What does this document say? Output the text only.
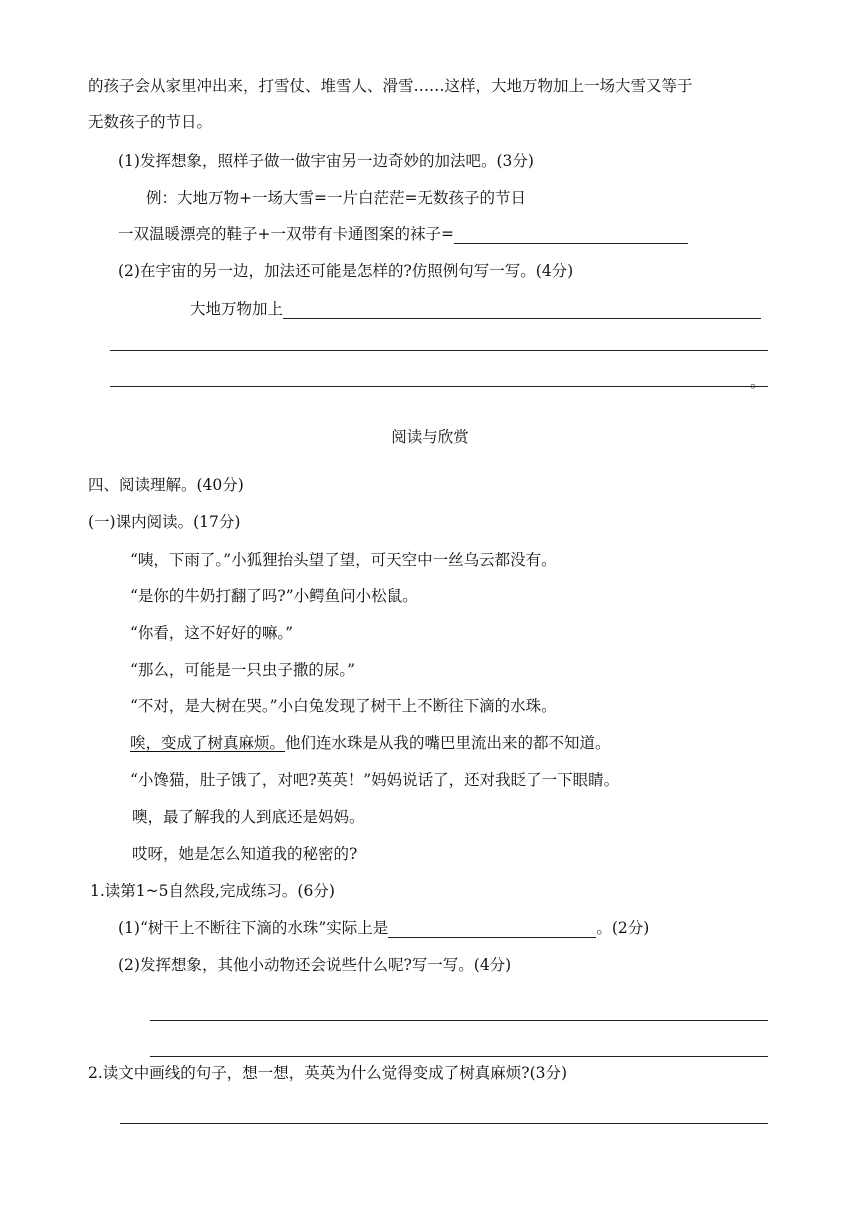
的孩子会从家里冲出来，打雪仗、堆雪人、滑雪……这样，大地万物加上一场大雪又等于
无数孩子的节日。
(1)发挥想象，照样子做一做宇宙另一边奇妙的加法吧。(3分)
例：大地万物+一场大雪=一片白茫茫=无数孩子的节日
一双温暖漂亮的鞋子+一双带有卡通图案的袜子=
(2)在宇宙的另一边，加法还可能是怎样的?仿照例句写一写。(4分)
大地万物加上
。
阅读与欣赏
四、阅读理解。(40分)
(一)课内阅读。(17分)
“咦，下雨了。”小狐狸抬头望了望，可天空中一丝乌云都没有。
“是你的牛奶打翻了吗?”小鳄鱼问小松鼠。
“你看，这不好好的嘛。”
“那么，可能是一只虫子撒的尿。”
“不对，是大树在哭。”小白兔发现了树干上不断往下滴的水珠。
唉，变成了树真麻烦。他们连水珠是从我的嘴巴里流出来的都不知道。
“小馋猫，肚子饿了，对吧?英英！”妈妈说话了，还对我眨了一下眼睛。
噢，最了解我的人到底还是妈妈。
哎呀，她是怎么知道我的秘密的?
1.读第1~5自然段,完成练习。(6分)
(1)“树干上不断往下滴的水珠”实际上是	。(2分)
(2)发挥想象，其他小动物还会说些什么呢?写一写。(4分)
2.读文中画线的句子，想一想，英英为什么觉得变成了树真麻烦?(3分)
